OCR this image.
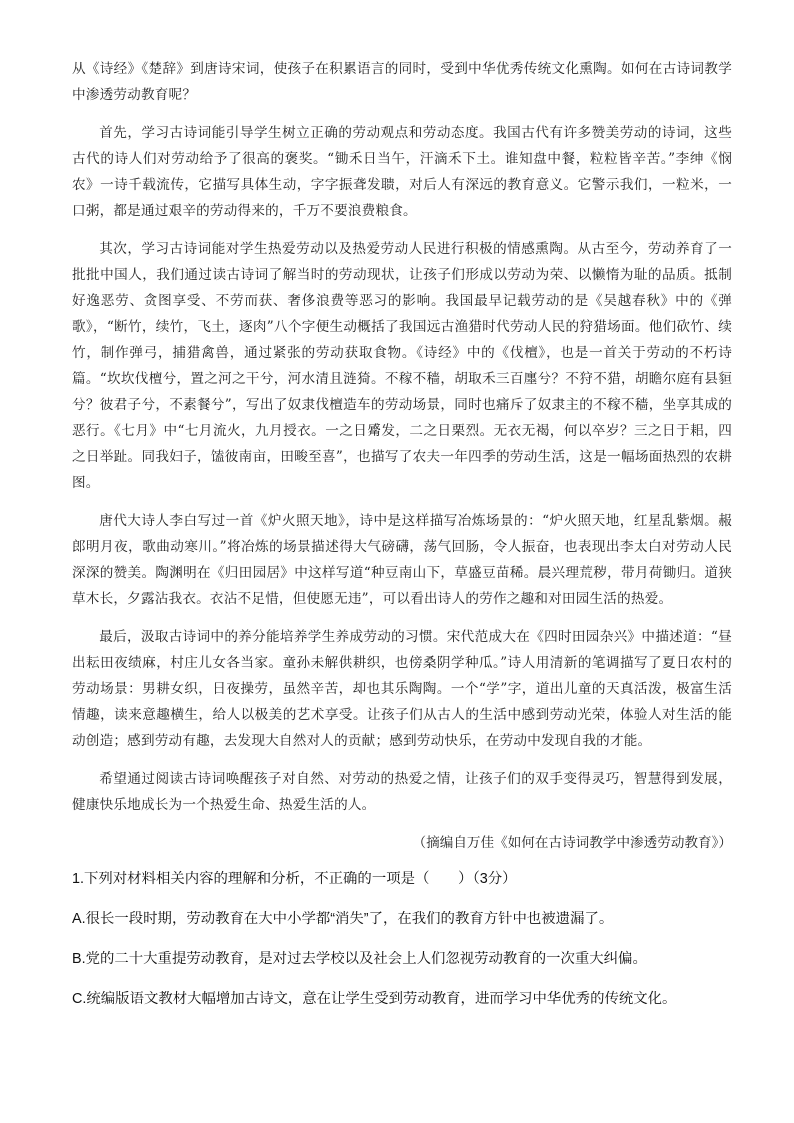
从《诗经》《楚辞》到唐诗宋词，使孩子在积累语言的同时，受到中华优秀传统文化熏陶。如何在古诗词教学中渗透劳动教育呢？

首先，学习古诗词能引导学生树立正确的劳动观点和劳动态度。我国古代有许多赞美劳动的诗词，这些古代的诗人们对劳动给予了很高的褒奖。“锄禾日当午，汗滴禾下土。谁知盘中餐，粒粒皆辛苦。”李绅《悯农》一诗千载流传，它描写具体生动，字字振聋发聩，对后人有深远的教育意义。它警示我们，一粒米，一口粥，都是通过艰辛的劳动得来的，千万不要浪费粮食。

其次，学习古诗词能对学生热爱劳动以及热爱劳动人民进行积极的情感熏陶。从古至今，劳动养育了一批批中国人，我们通过读古诗词了解当时的劳动现状，让孩子们形成以劳动为荣、以懒惰为耻的品质。抵制好逸恶劳、贪图享受、不劳而获、奢侈浪费等恶习的影响。我国最早记载劳动的是《吴越春秋》中的《弹歌》，“断竹，续竹，飞土，逐肉”八个字便生动概括了我国远古渔猎时代劳动人民的狩猎场面。他们砍竹、续竹，制作弹弓，捕猎禽兽，通过紧张的劳动获取食物。《诗经》中的《伐檀》，也是一首关于劳动的不朽诗篇。“坎坎伐檀兮，置之河之干兮，河水清且涟猗。不稼不穑，胡取禾三百廛兮？不狩不猎，胡瞻尔庭有县貆兮？彼君子兮，不素餐兮”，写出了奴隶伐檀造车的劳动场景，同时也痛斥了奴隶主的不稼不穑，坐享其成的恶行。《七月》中“七月流火，九月授衣。一之日觱发，二之日栗烈。无衣无褐，何以卒岁？三之日于耜，四之日举趾。同我妇子，馌彼南亩，田畯至喜”，也描写了农夫一年四季的劳动生活，这是一幅场面热烈的农耕图。

唐代大诗人李白写过一首《炉火照天地》，诗中是这样描写冶炼场景的：“炉火照天地，红星乱紫烟。赧郎明月夜，歌曲动寒川。”将冶炼的场景描述得大气磅礴，荡气回肠，令人振奋，也表现出李太白对劳动人民深深的赞美。陶渊明在《归田园居》中这样写道“种豆南山下，草盛豆苗稀。晨兴理荒秽，带月荷锄归。道狭草木长，夕露沾我衣。衣沾不足惜，但使愿无违”，可以看出诗人的劳作之趣和对田园生活的热爱。

最后，汲取古诗词中的养分能培养学生养成劳动的习惯。宋代范成大在《四时田园杂兴》中描述道：“昼出耘田夜绩麻，村庄儿女各当家。童孙未解供耕织，也傍桑阴学种瓜。”诗人用清新的笔调描写了夏日农村的劳动场景：男耕女织，日夜操劳，虽然辛苦，却也其乐陶陶。一个“学”字，道出儿童的天真活泼，极富生活情趣，读来意趣横生，给人以极美的艺术享受。让孩子们从古人的生活中感到劳动光荣，体验人对生活的能动创造；感到劳动有趣，去发现大自然对人的贡献；感到劳动快乐，在劳动中发现自我的才能。

希望通过阅读古诗词唤醒孩子对自然、对劳动的热爱之情，让孩子们的双手变得灵巧，智慧得到发展，健康快乐地成长为一个热爱生命、热爱生活的人。

（摘编自万佳《如何在古诗词教学中渗透劳动教育》）

1.下列对材料相关内容的理解和分析，不正确的一项是（　　）（3分）

A.很长一段时期，劳动教育在大中小学都“消失”了，在我们的教育方针中也被遗漏了。

B.党的二十大重提劳动教育，是对过去学校以及社会上人们忽视劳动教育的一次重大纠偏。

C.统编版语文教材大幅增加古诗文，意在让学生受到劳动教育，进而学习中华优秀的传统文化。
